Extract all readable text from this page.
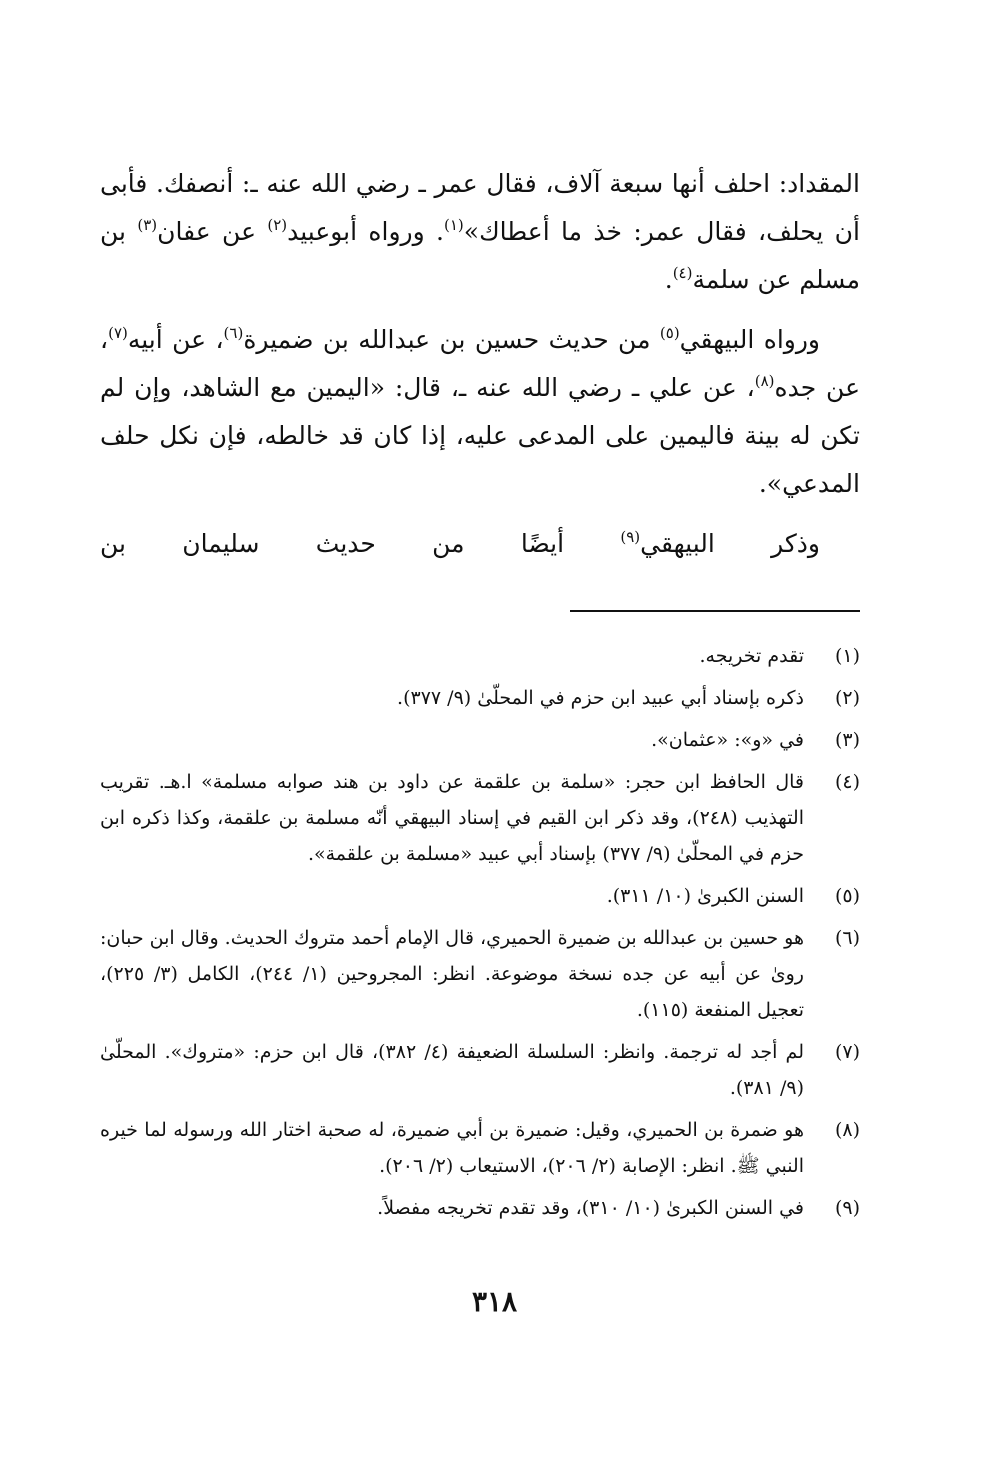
المقداد: احلف أنها سبعة آلاف، فقال عمر ـ رضي الله عنه ـ: أنصفك. فأبى أن يحلف، فقال عمر: خذ ما أعطاك»$^{(١)}$. ورواه أبوعبيد$^{(٢)}$ عن عفان$^{(٣)}$ بن مسلم عن سلمة$^{(٤)}$.

ورواه البيهقي$^{(٥)}$ من حديث حسين بن عبدالله بن ضميرة$^{(٦)}$، عن أبيه$^{(٧)}$، عن جده$^{(٨)}$، عن علي ـ رضي الله عنه ـ، قال: «اليمين مع الشاهد، وإن لم تكن له بينة فاليمين على المدعى عليه، إذا كان قد خالطه، فإن نكل حلف المدعي».

وذكر البيهقي$^{(٩)}$ أيضًا من حديث سليمان بن

(١)
تقدم تخريجه.
(٢)
ذكره بإسناد أبي عبيد ابن حزم في المحلّىٰ (٩/ ٣٧٧).
(٣)
في «و»: «عثمان».
(٤)
قال الحافظ ابن حجر: «سلمة بن علقمة عن داود بن هند صوابه مسلمة» ا.هـ. تقريب التهذيب (٢٤٨)، وقد ذكر ابن القيم في إسناد البيهقي أنّه مسلمة بن علقمة، وكذا ذكره ابن حزم في المحلّىٰ (٩/ ٣٧٧) بإسناد أبي عبيد «مسلمة بن علقمة».
(٥)
السنن الكبرىٰ (١٠/ ٣١١).
(٦)
هو حسين بن عبدالله بن ضميرة الحميري، قال الإمام أحمد متروك الحديث. وقال ابن حبان: روىٰ عن أبيه عن جده نسخة موضوعة. انظر: المجروحين (١/ ٢٤٤)، الكامل (٣/ ٢٢٥)، تعجيل المنفعة (١١٥).
(٧)
لم أجد له ترجمة. وانظر: السلسلة الضعيفة (٤/ ٣٨٢)، قال ابن حزم: «متروك». المحلّىٰ (٩/ ٣٨١).
(٨)
هو ضمرة بن الحميري، وقيل: ضميرة بن أبي ضميرة، له صحبة اختار الله ورسوله لما خيره النبي ﷺ. انظر: الإصابة (٢/ ٢٠٦)، الاستيعاب (٢/ ٢٠٦).
(٩)
في السنن الكبرىٰ (١٠/ ٣١٠)، وقد تقدم تخريجه مفصلاً.
٣١٨
